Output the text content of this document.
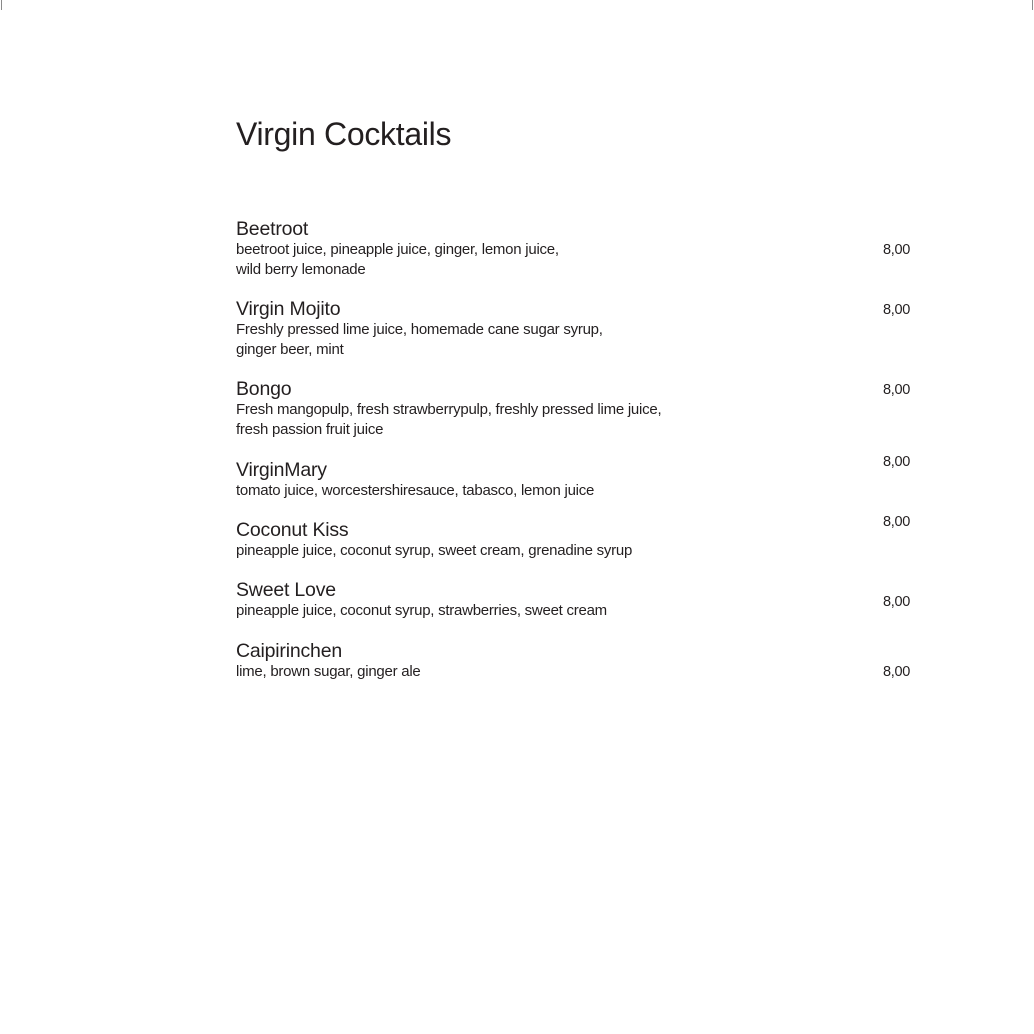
Virgin Cocktails
Beetroot
beetroot juice, pineapple juice, ginger, lemon juice,
wild berry lemonade
8,00
Virgin Mojito
Freshly pressed lime juice, homemade cane sugar syrup,
ginger beer, mint
8,00
Bongo
Fresh mangopulp, fresh strawberrypulp, freshly pressed lime juice,
fresh passion fruit juice
8,00
VirginMary
tomato juice, worcestershiresauce, tabasco, lemon juice
8,00
Coconut Kiss
pineapple juice, coconut syrup, sweet cream, grenadine syrup
8,00
Sweet Love
pineapple juice, coconut syrup, strawberries, sweet cream	8,00
Caipirinchen
lime, brown sugar, ginger ale	8,00
